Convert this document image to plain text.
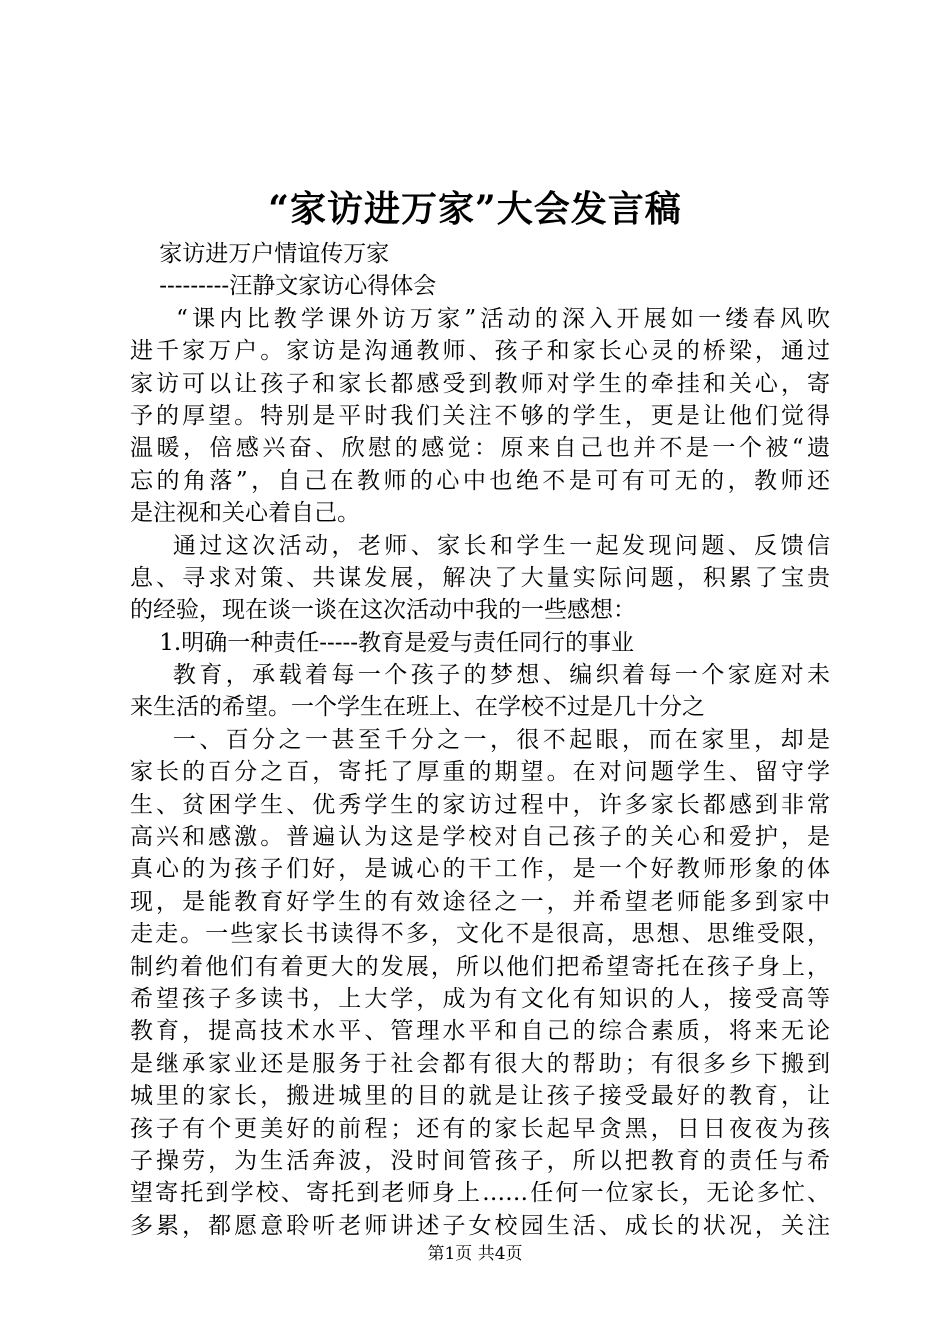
“家访进万家”大会发言稿
家访进万户情谊传万家
---------汪静文家访心得体会
“课内比教学课外访万家”活动的深入开展如一缕春风吹
进千家万户。家访是沟通教师、孩子和家长心灵的桥梁，通过
家访可以让孩子和家长都感受到教师对学生的牵挂和关心，寄
予的厚望。特别是平时我们关注不够的学生，更是让他们觉得
温暖，倍感兴奋、欣慰的感觉：原来自己也并不是一个被“遗
忘的角落”，自己在教师的心中也绝不是可有可无的，教师还
是注视和关心着自己。
通过这次活动，老师、家长和学生一起发现问题、反馈信
息、寻求对策、共谋发展，解决了大量实际问题，积累了宝贵
的经验，现在谈一谈在这次活动中我的一些感想：
1.明确一种责任-----教育是爱与责任同行的事业
教育，承载着每一个孩子的梦想、编织着每一个家庭对未
来生活的希望。一个学生在班上、在学校不过是几十分之
一、百分之一甚至千分之一，很不起眼，而在家里，却是
家长的百分之百，寄托了厚重的期望。在对问题学生、留守学
生、贫困学生、优秀学生的家访过程中，许多家长都感到非常
高兴和感激。普遍认为这是学校对自己孩子的关心和爱护，是
真心的为孩子们好，是诚心的干工作，是一个好教师形象的体
现，是能教育好学生的有效途径之一，并希望老师能多到家中
走走。一些家长书读得不多，文化不是很高，思想、思维受限，
制约着他们有着更大的发展，所以他们把希望寄托在孩子身上，
希望孩子多读书，上大学，成为有文化有知识的人，接受高等
教育，提高技术水平、管理水平和自己的综合素质，将来无论
是继承家业还是服务于社会都有很大的帮助；有很多乡下搬到
城里的家长，搬进城里的目的就是让孩子接受最好的教育，让
孩子有个更美好的前程；还有的家长起早贪黑，日日夜夜为孩
子操劳，为生活奔波，没时间管孩子，所以把教育的责任与希
望寄托到学校、寄托到老师身上……任何一位家长，无论多忙、
多累，都愿意聆听老师讲述子女校园生活、成长的状况，关注
第1页 共4页
